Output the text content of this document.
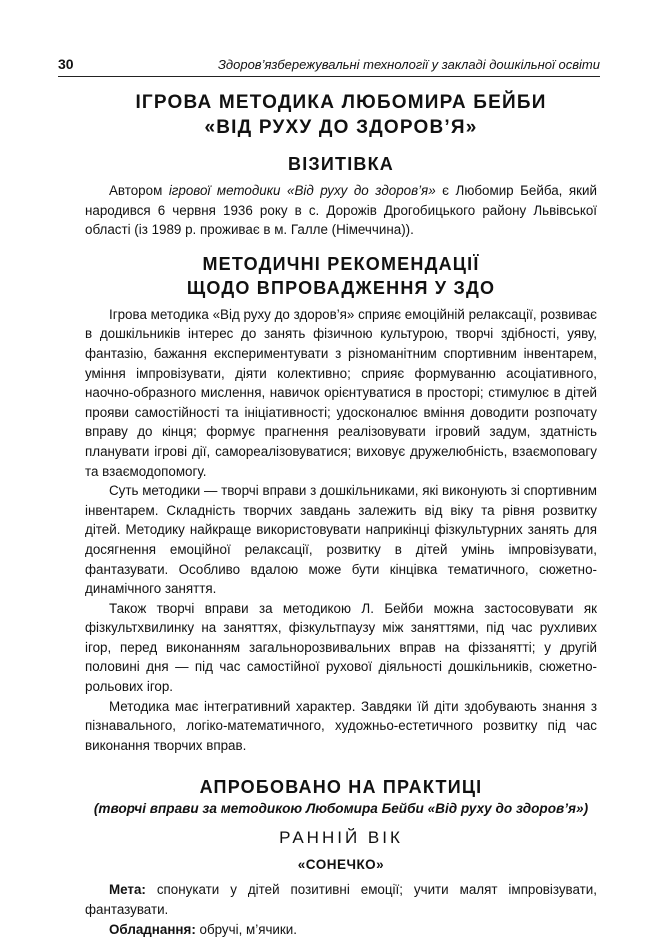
30	Здоров’язбережувальні технології у закладі дошкільної освіти
ІГРОВА МЕТОДИКА ЛЮБОМИРА БЕЙБИ
«ВІД РУХУ ДО ЗДОРОВ’Я»
ВІЗИТІВКА

Автором ігрової методики «Від руху до здоров’я» є Любомир Бейба, який народився 6 червня 1936 року в с. Дорожів Дрогобицького району Львівської області (із 1989 р. проживає в м. Галле (Німеччина)).

МЕТОДИЧНІ РЕКОМЕНДАЦІЇ
ЩОДО ВПРОВАДЖЕННЯ У ЗДО

Ігрова методика «Від руху до здоров’я» сприяє емоційній релаксації, розвиває в дошкільників інтерес до занять фізичною культурою, творчі здібності, уяву, фантазію, бажання експериментувати з різноманітним спортивним інвентарем, уміння імпровізувати, діяти колективно; сприяє формуванню асоціативного, наочно-образного мислення, навичок орієнтуватися в просторі; стимулює в дітей прояви самостійності та ініціативності; удосконалює вміння доводити розпочату вправу до кінця; формує прагнення реалізовувати ігровий задум, здатність планувати ігрові дії, самореалізовуватися; виховує дружелюбність, взаємоповагу та взаємодопомогу.

Суть методики — творчі вправи з дошкільниками, які виконують зі спортивним інвентарем. Складність творчих завдань залежить від віку та рівня розвитку дітей. Методику найкраще використовувати наприкінці фізкультурних занять для досягнення емоційної релаксації, розвитку в дітей умінь імпровізувати, фантазувати. Особливо вдалою може бути кінцівка тематичного, сюжетно-динамічного заняття.

Також творчі вправи за методикою Л. Бейби можна застосовувати як фізкультхвилинку на заняттях, фізкультпаузу між заняттями, під час рухливих ігор, перед виконанням загальнорозвивальних вправ на фіззанятті; у другій половині дня — під час самостійної рухової діяльності дошкільників, сюжетно-рольових ігор.

Методика має інтегративний характер. Завдяки їй діти здобувають знання з пізнавального, логіко-математичного, художньо-естетичного розвитку під час виконання творчих вправ.

АПРОБОВАНО НА ПРАКТИЦІ
(творчі вправи за методикою Любомира Бейби «Від руху до здоров’я»)
РАННІЙ ВІК
«СОНЕЧКО»

Мета: спонукати у дітей позитивні емоції; учити малят імпровізувати, фантазувати.

Обладнання: обручі, м’ячики.
